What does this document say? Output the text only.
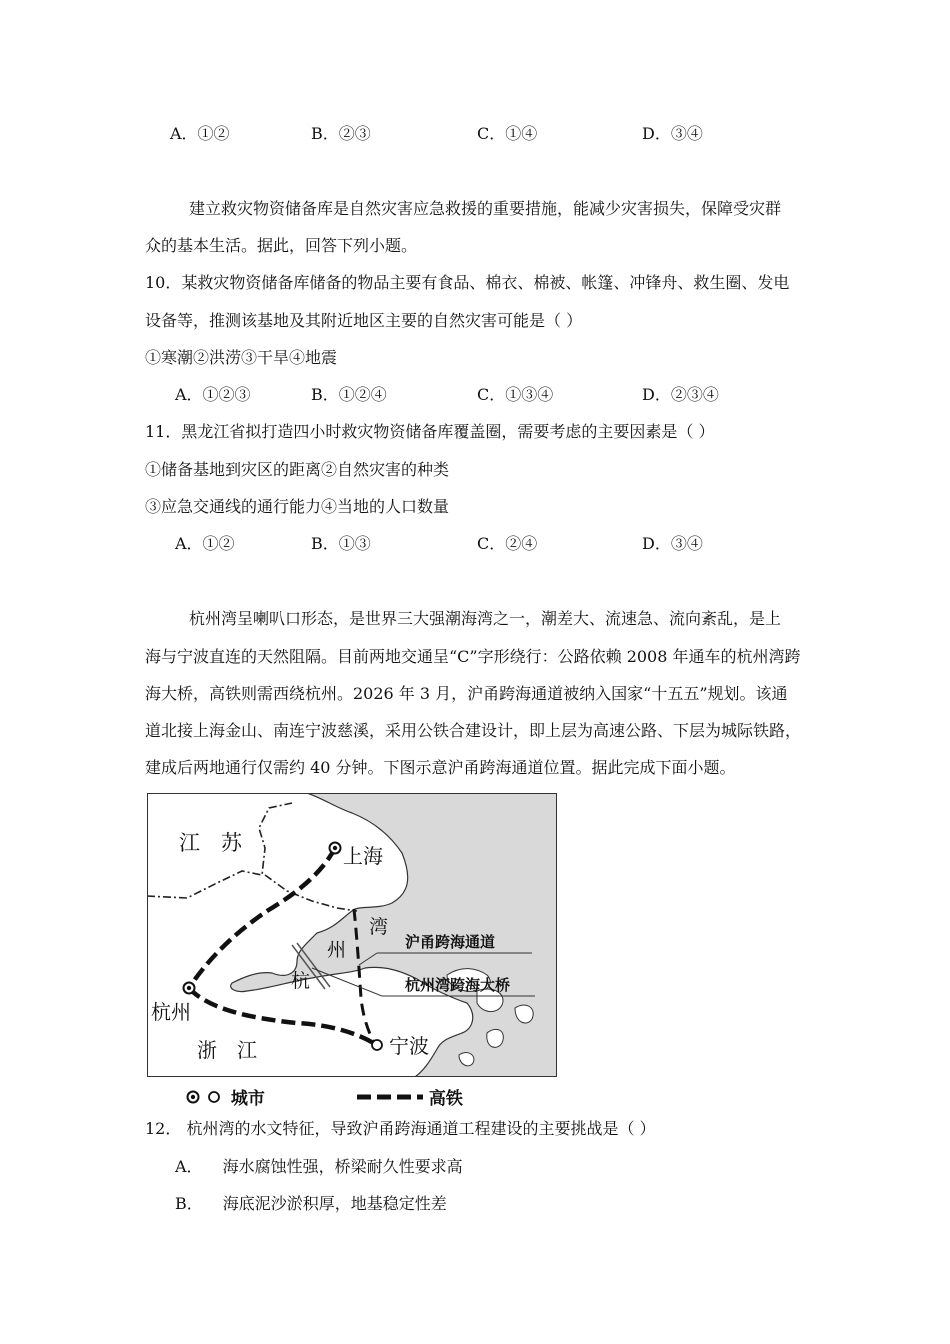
A．①②	B．②③	C．①④	D．③④
建立救灾物资储备库是自然灾害应急救援的重要措施，能减少灾害损失，保障受灾群
众的基本生活。据此，回答下列小题。
10．某救灾物资储备库储备的物品主要有食品、棉衣、棉被、帐篷、冲锋舟、救生圈、发电
设备等，推测该基地及其附近地区主要的自然灾害可能是（ ）
①寒潮②洪涝③干旱④地震
A．①②③	B．①②④	C．①③④	D．②③④
11．黑龙江省拟打造四小时救灾物资储备库覆盖圈，需要考虑的主要因素是（ ）
①储备基地到灾区的距离②自然灾害的种类
③应急交通线的通行能力④当地的人口数量
A．①②	B．①③	C．②④	D．③④
杭州湾呈喇叭口形态，是世界三大强潮海湾之一，潮差大、流速急、流向紊乱，是上
海与宁波直连的天然阻隔。目前两地交通呈“C”字形绕行：公路依赖 2008 年通车的杭州湾跨
海大桥，高铁则需西绕杭州。2026 年 3 月，沪甬跨海通道被纳入国家“十五五”规划。该通
道北接上海金山、南连宁波慈溪，采用公铁合建设计，即上层为高速公路、下层为城际铁路，
建成后两地通行仅需约 40 分钟。下图示意沪甬跨海通道位置。据此完成下面小题。
江　苏
上海
湾
州
杭
沪甬跨海通道
杭州湾跨海大桥
杭州
浙　江	宁波
城市	高铁
12． 杭州湾的水文特征，导致沪甬跨海通道工程建设的主要挑战是（ ）
A． 海水腐蚀性强，桥梁耐久性要求高
B． 海底泥沙淤积厚，地基稳定性差
